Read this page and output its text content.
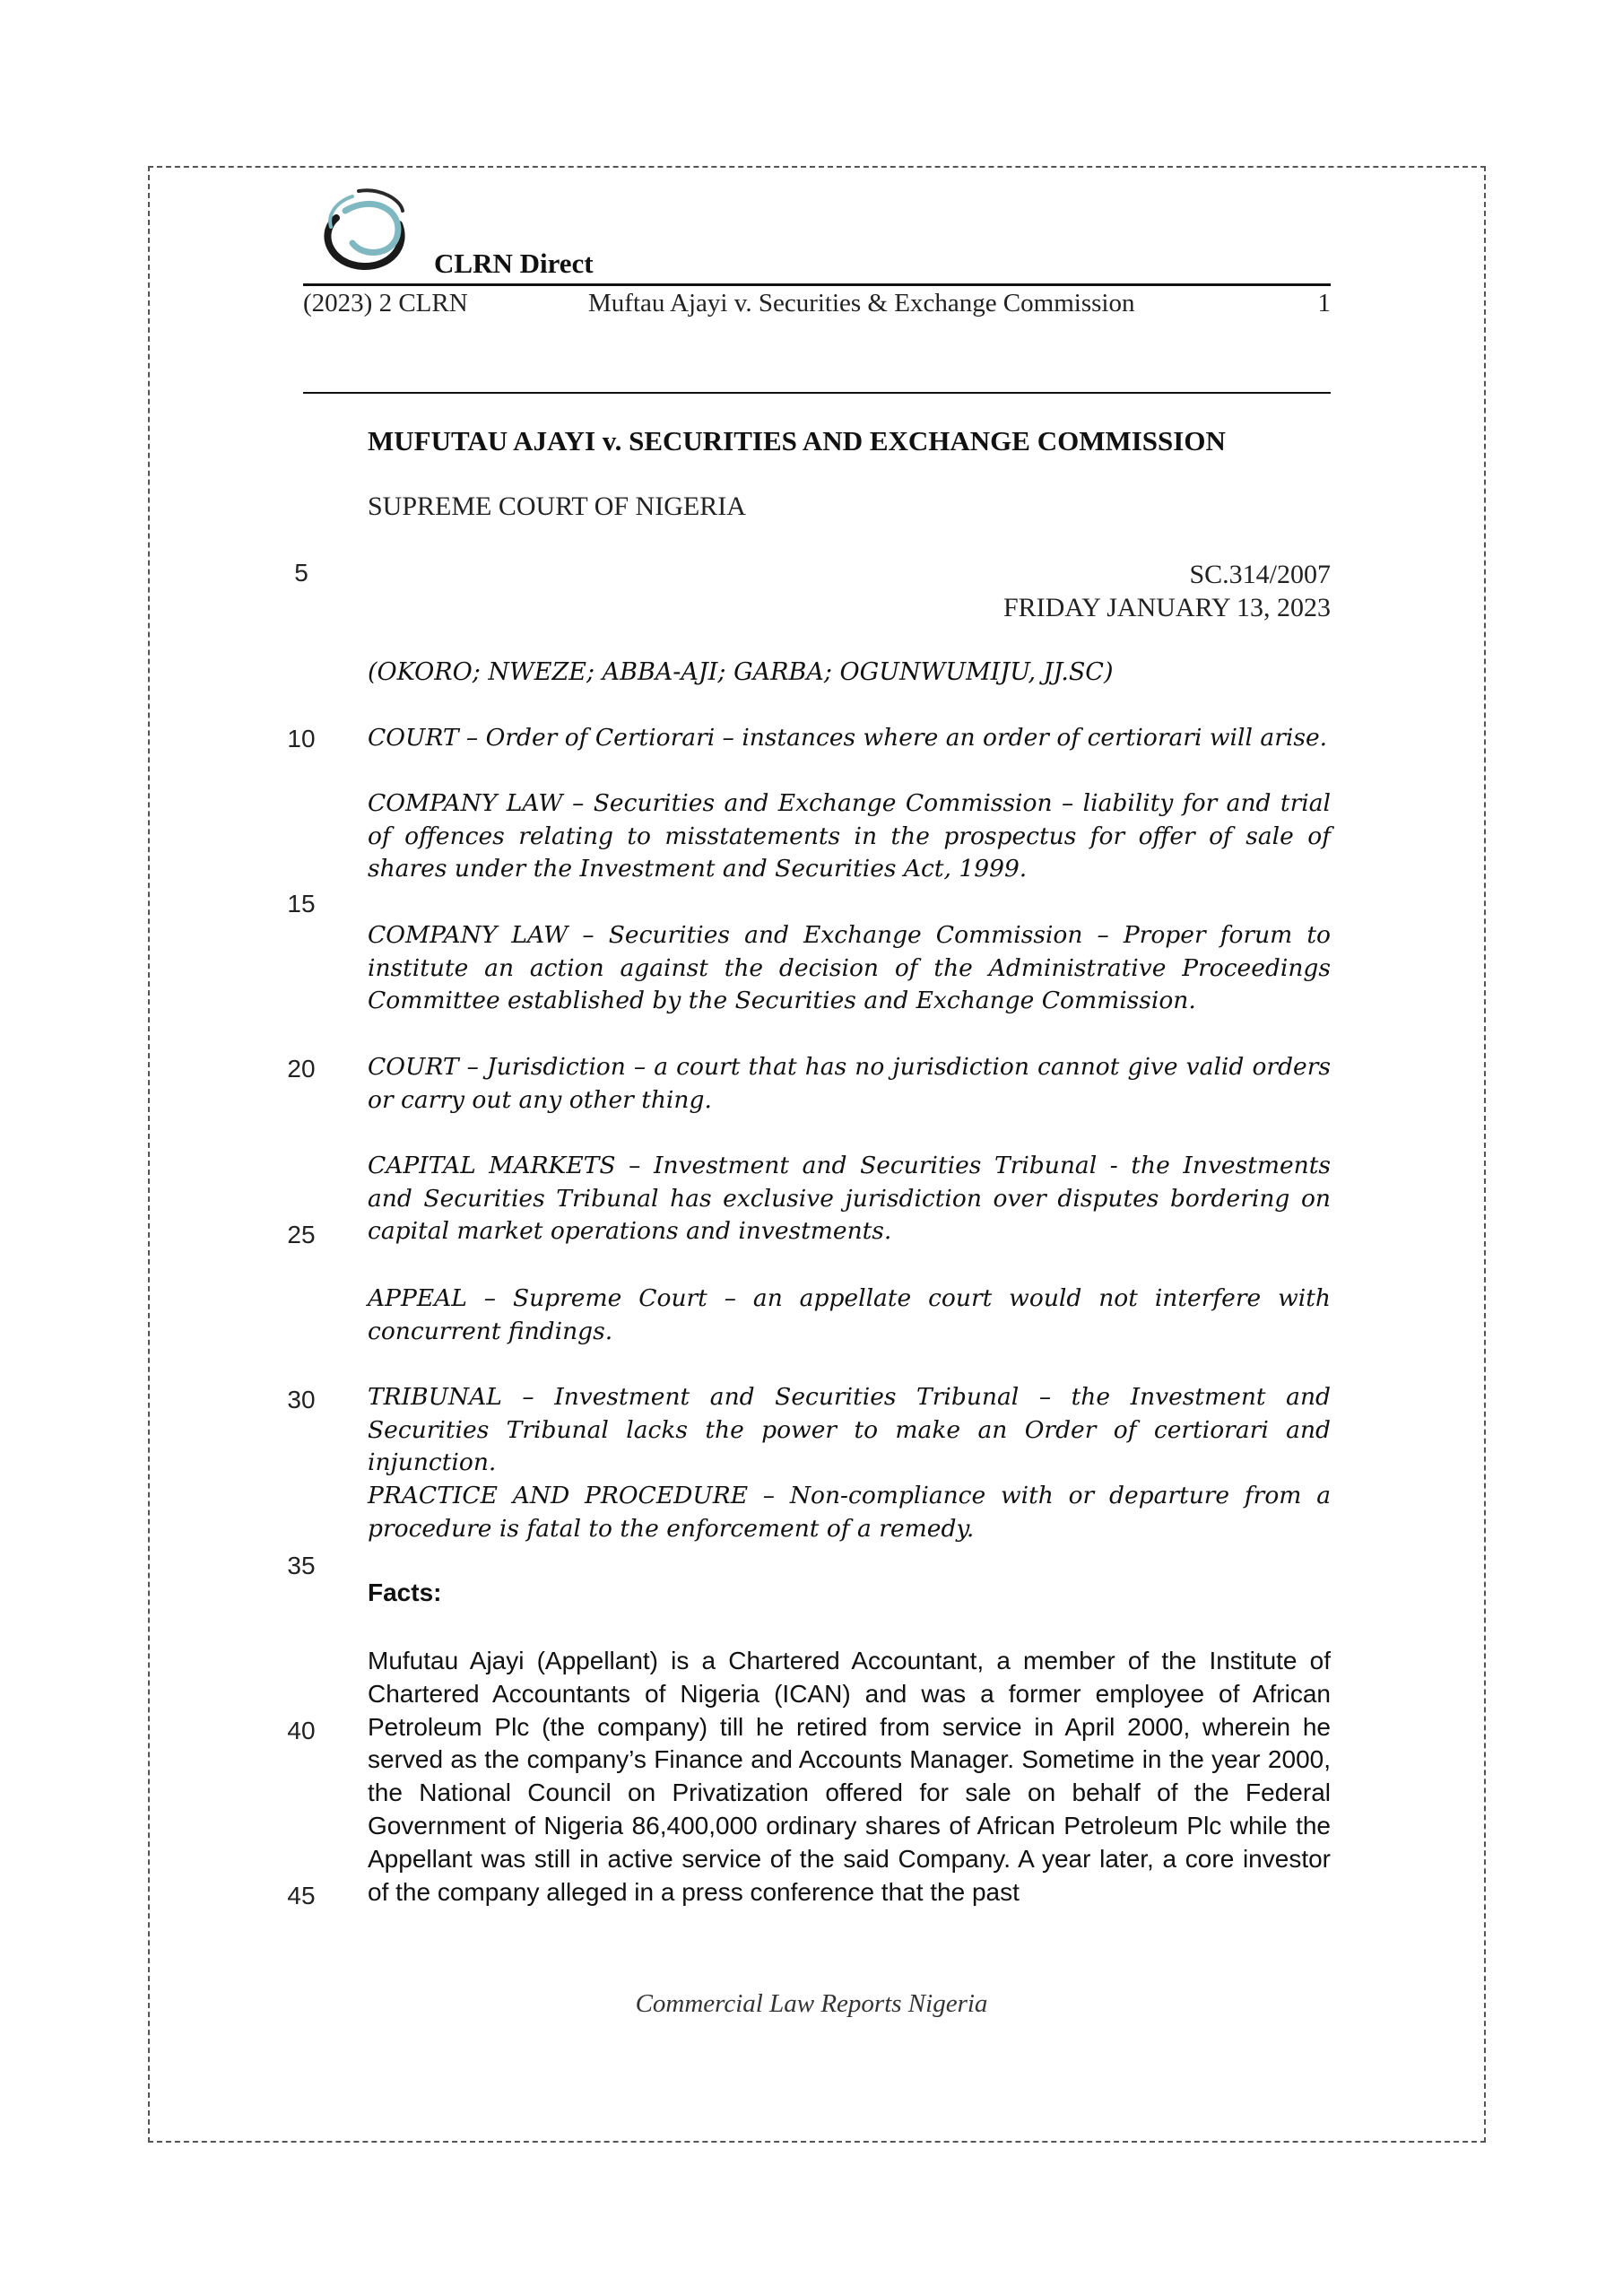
CLRN Direct
(2023) 2 CLRN	Muftau Ajayi v. Securities & Exchange Commission	1
MUFUTAU AJAYI v. SECURITIES AND EXCHANGE COMMISSION
SUPREME COURT OF NIGERIA
SC.314/2007
FRIDAY JANUARY 13, 2023
(OKORO; NWEZE; ABBA-AJI; GARBA; OGUNWUMIJU, JJ.SC)
5
10
15
20
25
30
35
40
45

COURT – Order of Certiorari – instances where an order of certiorari will arise.

COMPANY LAW – Securities and Exchange Commission – liability for and trial of offences relating to misstatements in the prospectus for offer of sale of shares under the Investment and Securities Act, 1999.

COMPANY LAW – Securities and Exchange Commission – Proper forum to institute an action against the decision of the Administrative Proceedings Committee established by the Securities and Exchange Commission.

COURT – Jurisdiction – a court that has no jurisdiction cannot give valid orders or carry out any other thing.

CAPITAL MARKETS – Investment and Securities Tribunal - the Investments and Securities Tribunal has exclusive jurisdiction over disputes bordering on capital market operations and investments.

APPEAL – Supreme Court – an appellate court would not interfere with concurrent findings.

TRIBUNAL – Investment and Securities Tribunal – the Investment and Securities Tribunal lacks the power to make an Order of certiorari and injunction.

PRACTICE AND PROCEDURE – Non-compliance with or departure from a procedure is fatal to the enforcement of a remedy.

Facts:

Mufutau Ajayi (Appellant) is a Chartered Accountant, a member of the Institute of Chartered Accountants of Nigeria (ICAN) and was a former employee of African Petroleum Plc (the company) till he retired from service in April 2000, wherein he served as the company’s Finance and Accounts Manager. Sometime in the year 2000, the National Council on Privatization offered for sale on behalf of the Federal Government of Nigeria 86,400,000 ordinary shares of African Petroleum Plc while the Appellant was still in active service of the said Company. A year later, a core investor of the company alleged in a press conference that the past

Commercial Law Reports Nigeria
